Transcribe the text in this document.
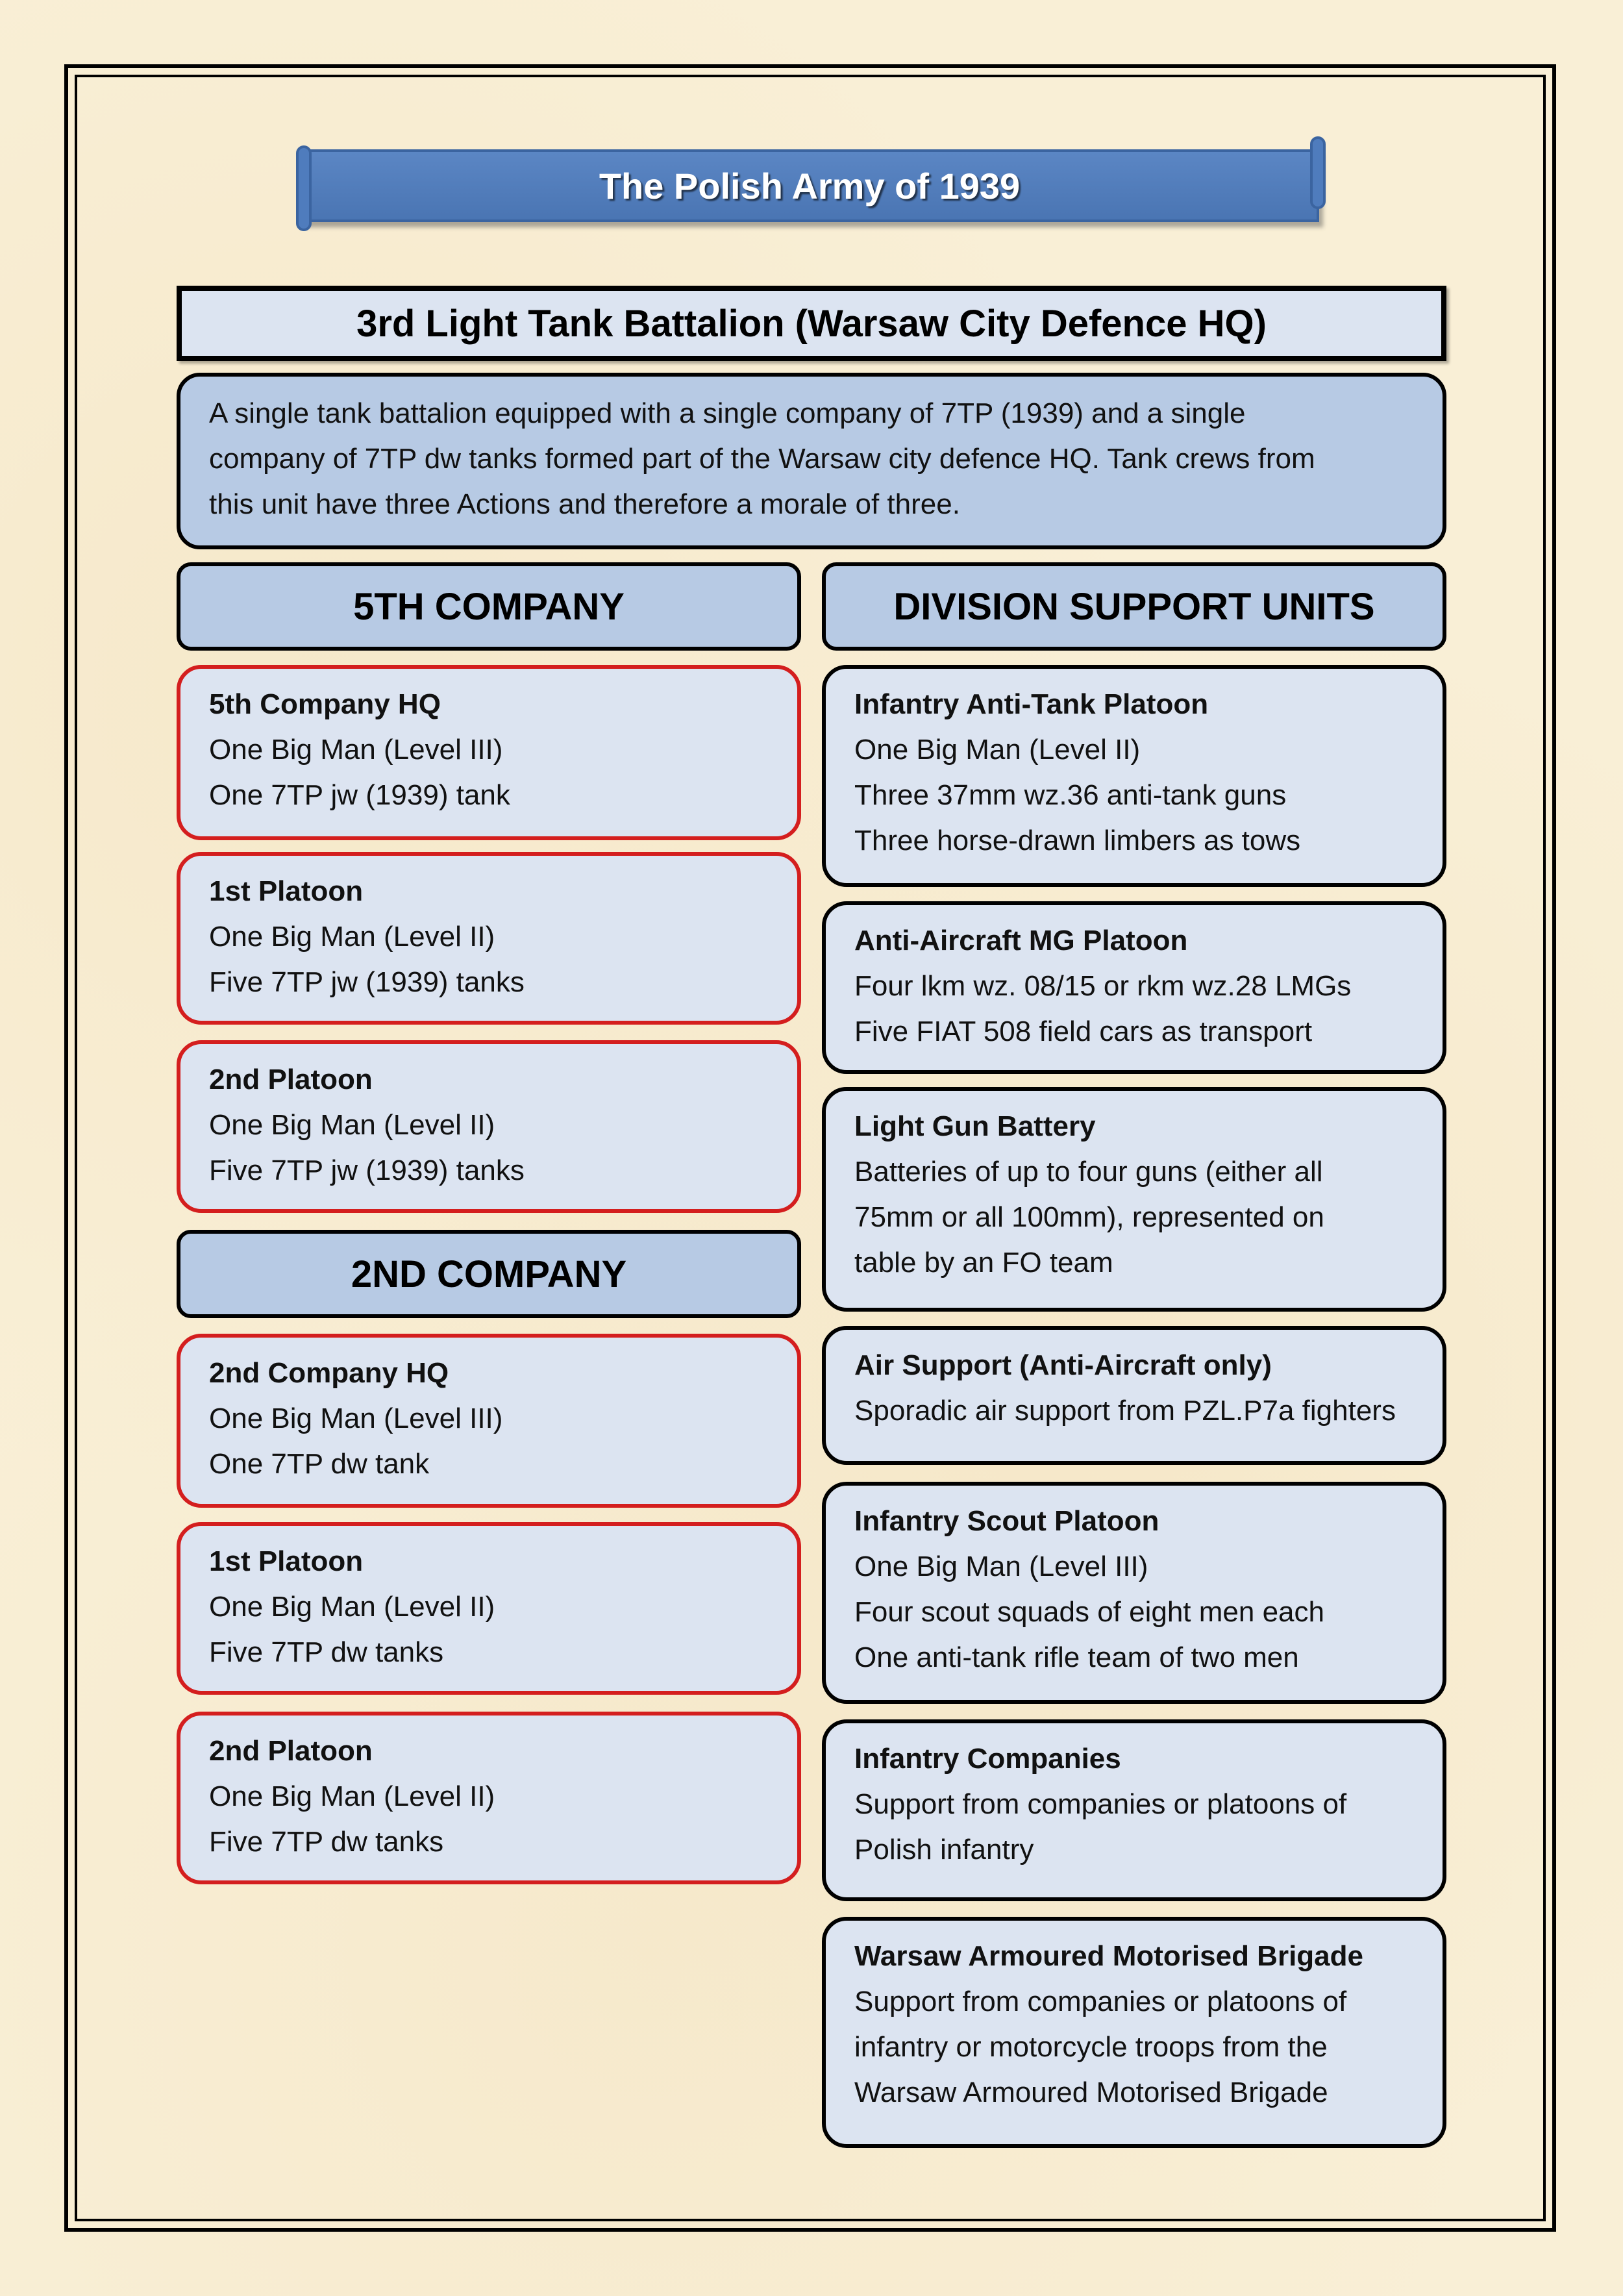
The Polish Army of 1939
3rd Light Tank Battalion (Warsaw City Defence HQ)
A single tank battalion equipped with a single company of 7TP (1939) and a single
company of 7TP dw tanks formed part of the Warsaw city defence HQ. Tank crews from
this unit have three Actions and therefore a morale of three.
5TH COMPANY
5th Company HQ
One Big Man (Level III)
One 7TP jw (1939) tank
1st Platoon
One Big Man (Level II)
Five 7TP jw (1939) tanks
2nd Platoon
One Big Man (Level II)
Five 7TP jw (1939) tanks
2ND COMPANY
2nd Company HQ
One Big Man (Level III)
One 7TP dw tank
1st Platoon
One Big Man (Level II)
Five 7TP dw tanks
2nd Platoon
One Big Man (Level II)
Five 7TP dw tanks
DIVISION SUPPORT UNITS
Infantry Anti-Tank Platoon
One Big Man (Level II)
Three 37mm wz.36 anti-tank guns
Three horse-drawn limbers as tows
Anti-Aircraft MG Platoon
Four lkm wz. 08/15 or rkm wz.28 LMGs
Five FIAT 508 field cars as transport
Light Gun Battery
Batteries of up to four guns (either all
75mm or all 100mm), represented on
table by an FO team
Air Support (Anti-Aircraft only)
Sporadic air support from PZL.P7a fighters
Infantry Scout Platoon
One Big Man (Level III)
Four scout squads of eight men each
One anti-tank rifle team of two men
Infantry Companies
Support from companies or platoons of
Polish infantry
Warsaw Armoured Motorised Brigade
Support from companies or platoons of
infantry or motorcycle troops from the
Warsaw Armoured Motorised Brigade
